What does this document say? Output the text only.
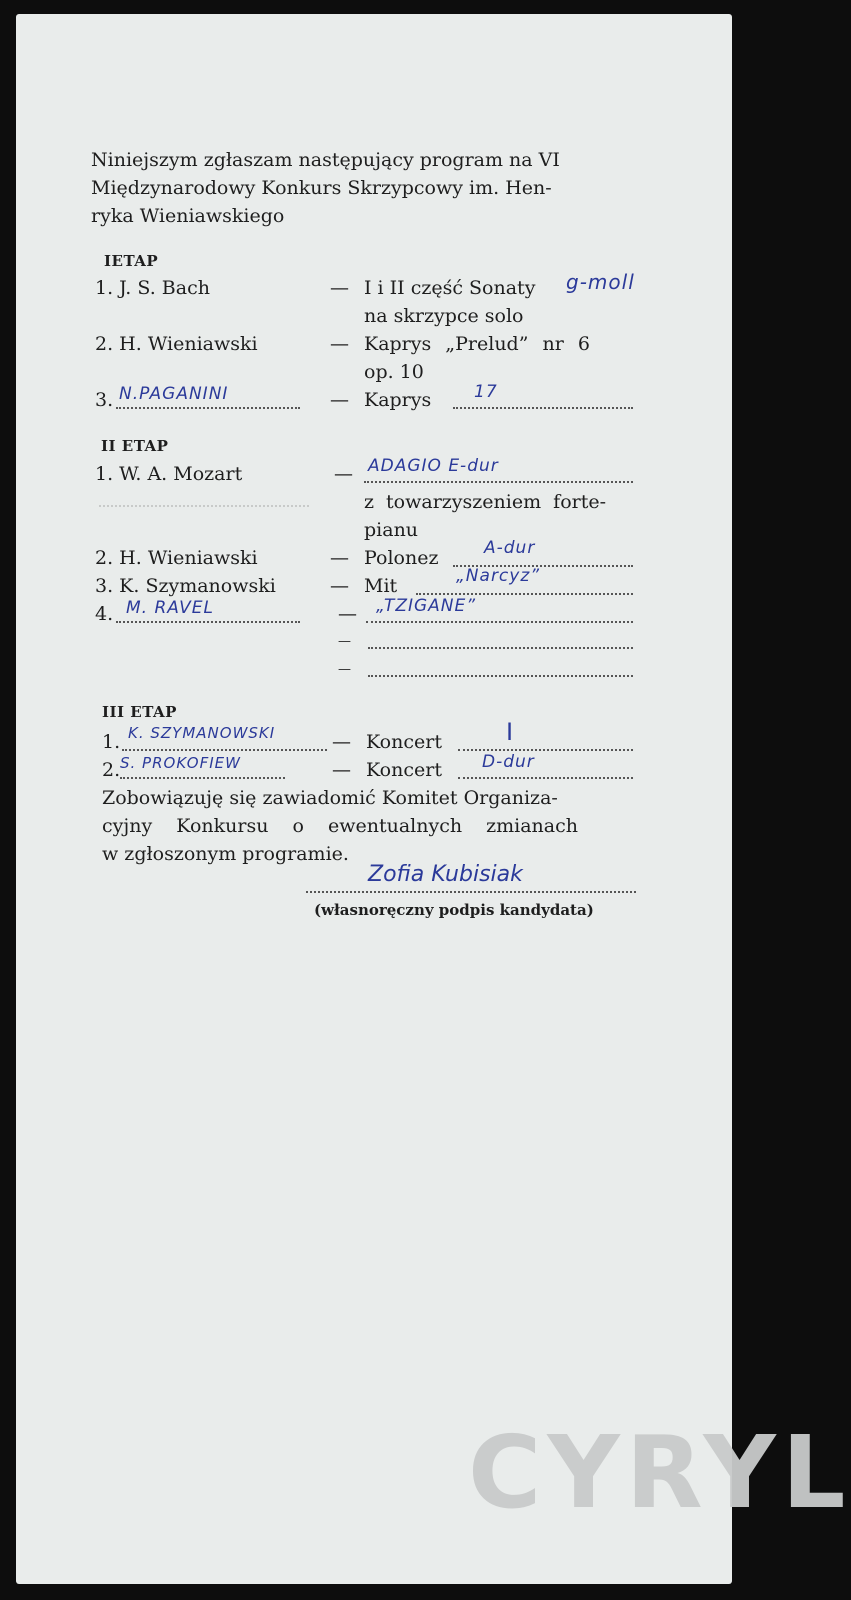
Niniejszym zgłaszam następujący program na VI
Międzynarodowy Konkurs Skrzypcowy im. Hen-
ryka Wieniawskiego
IETAP
1. J. S. Bach	— I i II część Sonaty g-moll
na skrzypce solo
2. H. Wieniawski	— Kaprys „Prelud” nr 6
op. 10
3. N.PAGANINI	— Kaprys	17
II ETAP
1. W. A. Mozart	— ADAGIO E-dur
z towarzyszeniem forte-
pianu
2. H. Wieniawski	— Polonez	A-dur
3. K. Szymanowski	— Mit	„Narcyz”
4. M. RAVEL	— „TZIGANE”
—
—
III ETAP
1. K. SZYMANOWSKI	— Koncert	I
2. S. PROKOFIEW	— Koncert D-dur
Zobowiązuję się zawiadomić Komitet Organiza-
cyjny Konkursu o ewentualnych zmianach
w zgłoszonym programie.
Zofia Kubisiak
(własnoręczny podpis kandydata)
CYRYL
